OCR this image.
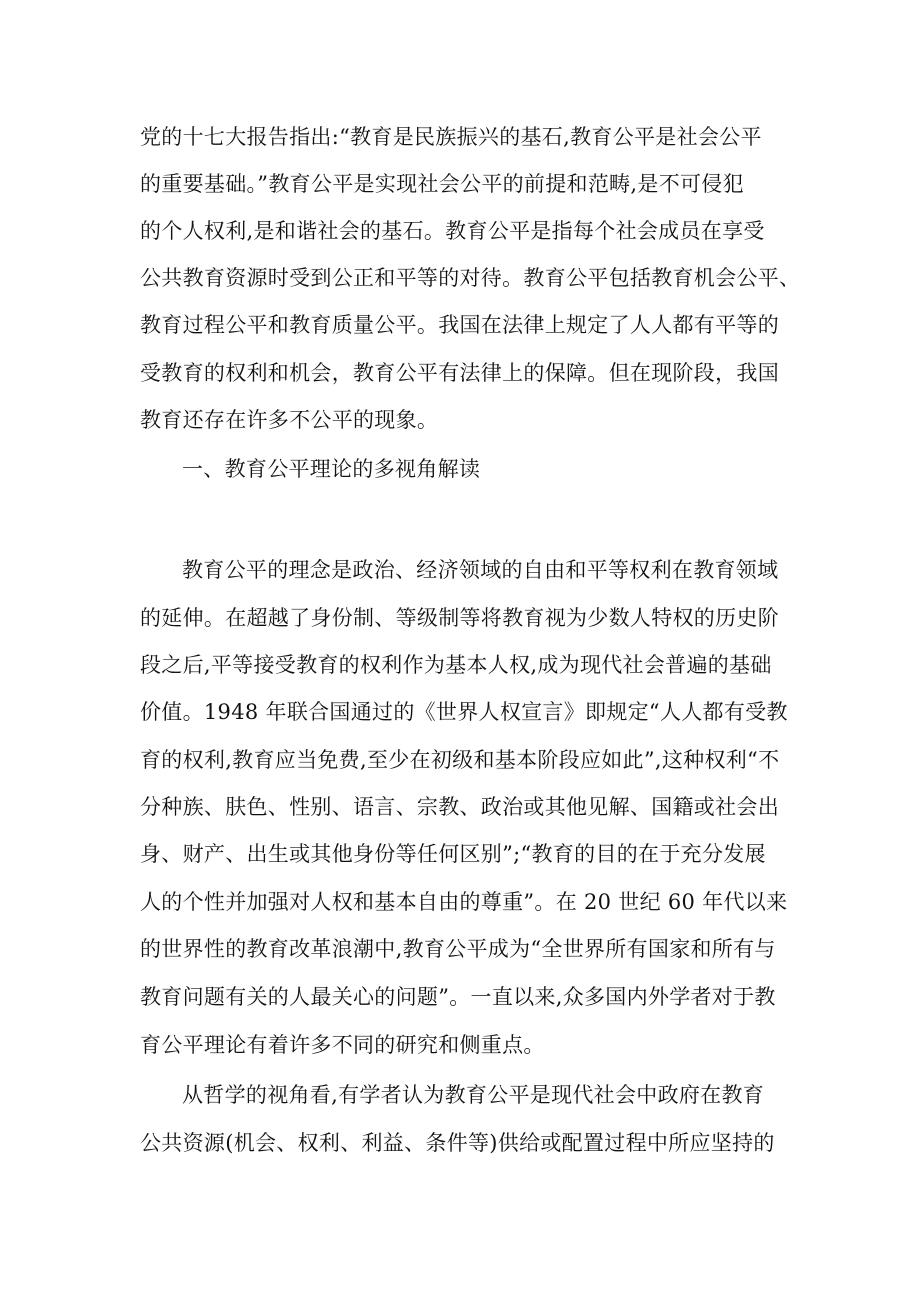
党的十七大报告指出:“教育是民族振兴的基石,教育公平是社会公平
的重要基础。”教育公平是实现社会公平的前提和范畴,是不可侵犯
的个人权利,是和谐社会的基石。教育公平是指每个社会成员在享受
公共教育资源时受到公正和平等的对待。教育公平包括教育机会公平、
教育过程公平和教育质量公平。我国在法律上规定了人人都有平等的
受教育的权利和机会，教育公平有法律上的保障。但在现阶段，我国
教育还存在许多不公平的现象。
一、教育公平理论的多视角解读
教育公平的理念是政治、经济领域的自由和平等权利在教育领域
的延伸。在超越了身份制、等级制等将教育视为少数人特权的历史阶
段之后,平等接受教育的权利作为基本人权,成为现代社会普遍的基础
价值。1948 年联合国通过的《世界人权宣言》即规定“人人都有受教
育的权利,教育应当免费,至少在初级和基本阶段应如此”,这种权利“不
分种族、肤色、性别、语言、宗教、政治或其他见解、国籍或社会出
身、财产、出生或其他身份等任何区别”;“教育的目的在于充分发展
人的个性并加强对人权和基本自由的尊重”。在 20 世纪 60 年代以来
的世界性的教育改革浪潮中,教育公平成为“全世界所有国家和所有与
教育问题有关的人最关心的问题”。一直以来,众多国内外学者对于教
育公平理论有着许多不同的研究和侧重点。
从哲学的视角看,有学者认为教育公平是现代社会中政府在教育
公共资源(机会、权利、利益、条件等)供给或配置过程中所应坚持的
